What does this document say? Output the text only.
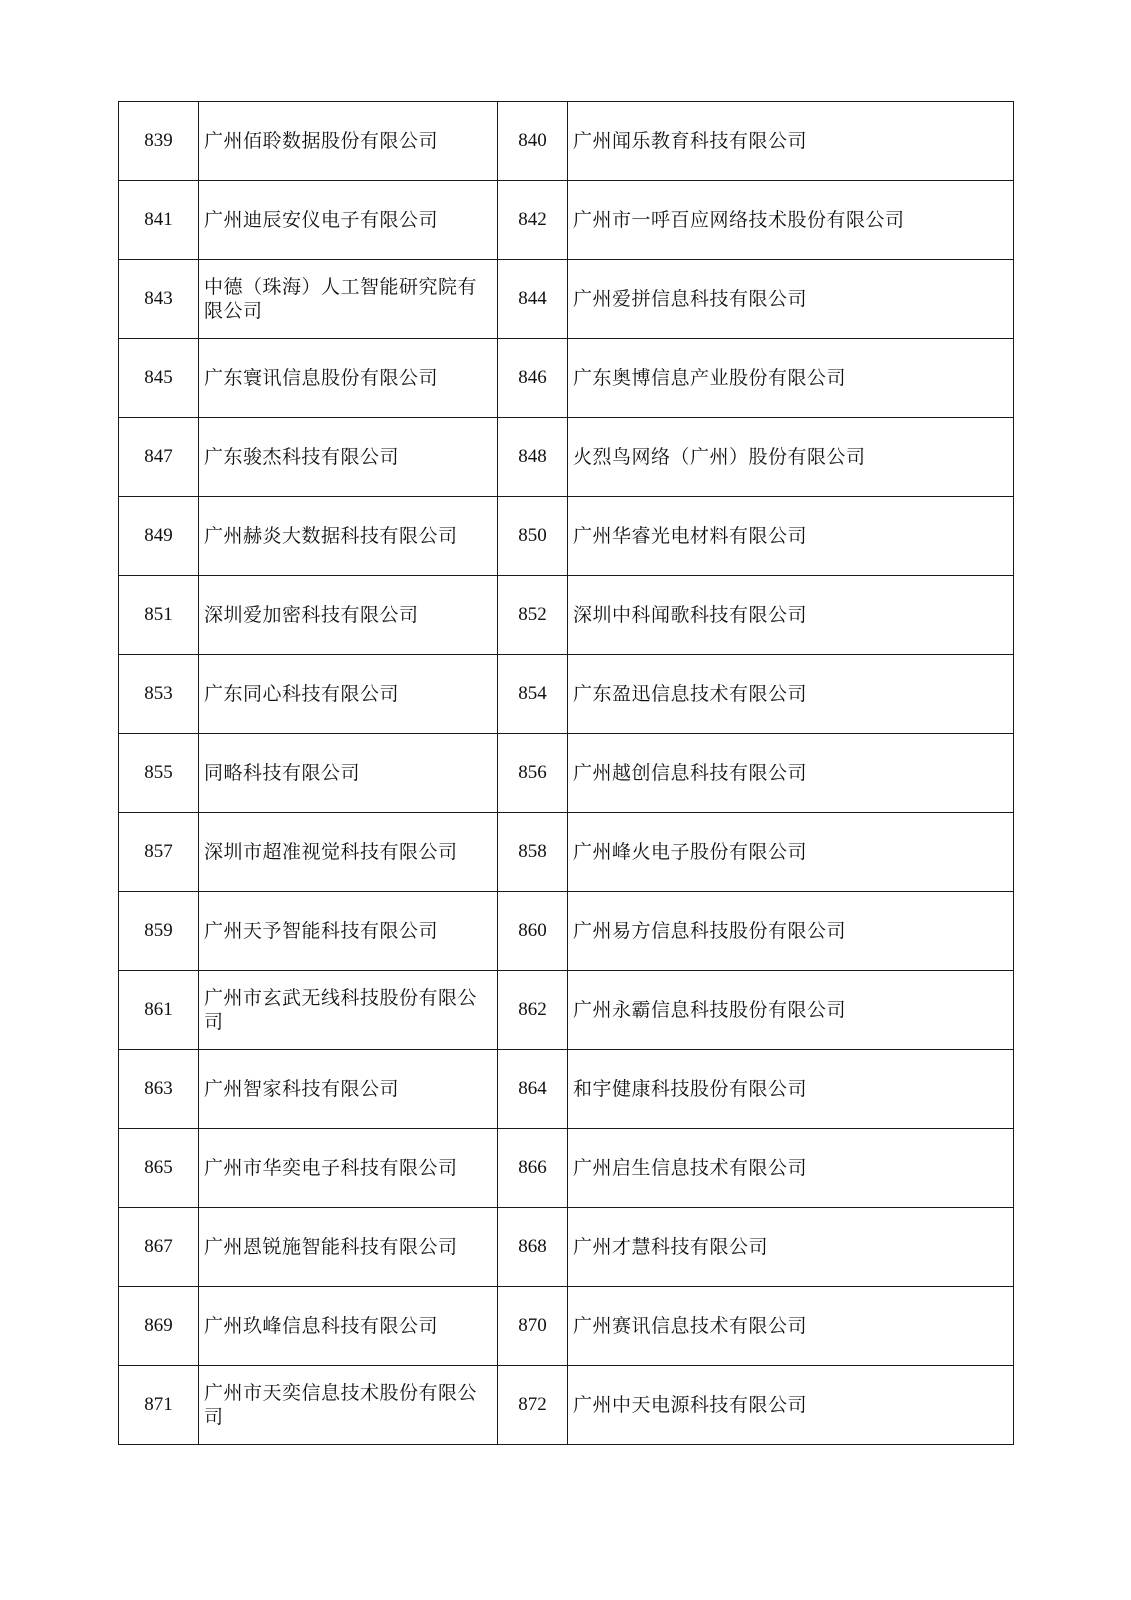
839	广州佰聆数据股份有限公司	840	广州闻乐教育科技有限公司
841	广州迪辰安仪电子有限公司	842	广州市一呼百应网络技术股份有限公司
843	中德（珠海）人工智能研究院有限公司	844	广州爱拼信息科技有限公司
845	广东寰讯信息股份有限公司	846	广东奥博信息产业股份有限公司
847	广东骏杰科技有限公司	848	火烈鸟网络（广州）股份有限公司
849	广州赫炎大数据科技有限公司	850	广州华睿光电材料有限公司
851	深圳爱加密科技有限公司	852	深圳中科闻歌科技有限公司
853	广东同心科技有限公司	854	广东盈迅信息技术有限公司
855	同略科技有限公司	856	广州越创信息科技有限公司
857	深圳市超准视觉科技有限公司	858	广州峰火电子股份有限公司
859	广州天予智能科技有限公司	860	广州易方信息科技股份有限公司
861	广州市玄武无线科技股份有限公司	862	广州永霸信息科技股份有限公司
863	广州智家科技有限公司	864	和宇健康科技股份有限公司
865	广州市华奕电子科技有限公司	866	广州启生信息技术有限公司
867	广州恩锐施智能科技有限公司	868	广州才慧科技有限公司
869	广州玖峰信息科技有限公司	870	广州赛讯信息技术有限公司
871	广州市天奕信息技术股份有限公司	872	广州中天电源科技有限公司
